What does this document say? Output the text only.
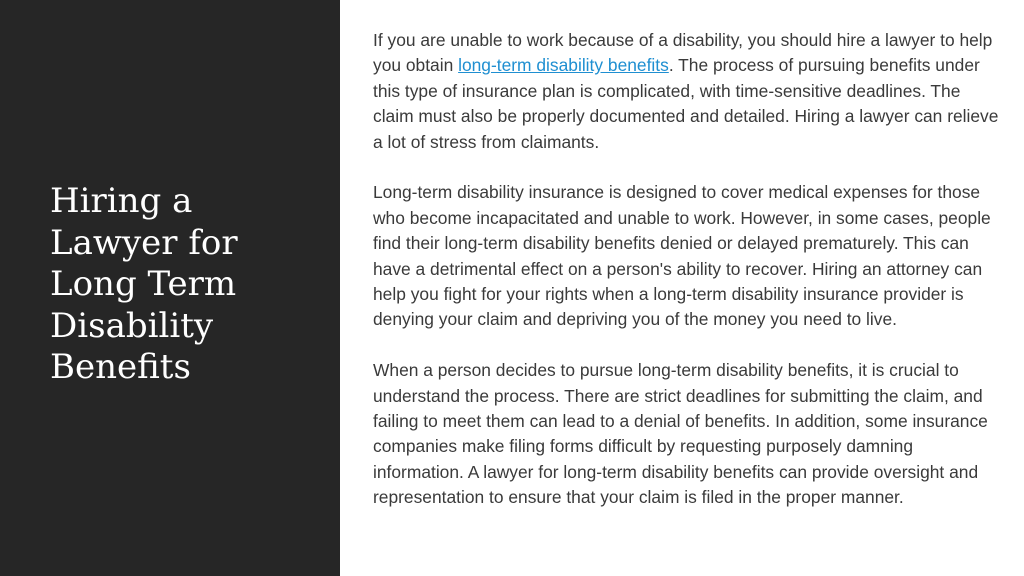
Hiring a Lawyer for Long Term Disability Benefits

If you are unable to work because of a disability, you should hire a lawyer to help you obtain long-term disability benefits. The process of pursuing benefits under this type of insurance plan is complicated, with time-sensitive deadlines. The claim must also be properly documented and detailed. Hiring a lawyer can relieve a lot of stress from claimants.

Long-term disability insurance is designed to cover medical expenses for those who become incapacitated and unable to work. However, in some cases, people find their long-term disability benefits denied or delayed prematurely. This can have a detrimental effect on a person's ability to recover. Hiring an attorney can help you fight for your rights when a long-term disability insurance provider is denying your claim and depriving you of the money you need to live.

When a person decides to pursue long-term disability benefits, it is crucial to understand the process. There are strict deadlines for submitting the claim, and failing to meet them can lead to a denial of benefits. In addition, some insurance companies make filing forms difficult by requesting purposely damning information. A lawyer for long-term disability benefits can provide oversight and representation to ensure that your claim is filed in the proper manner.
